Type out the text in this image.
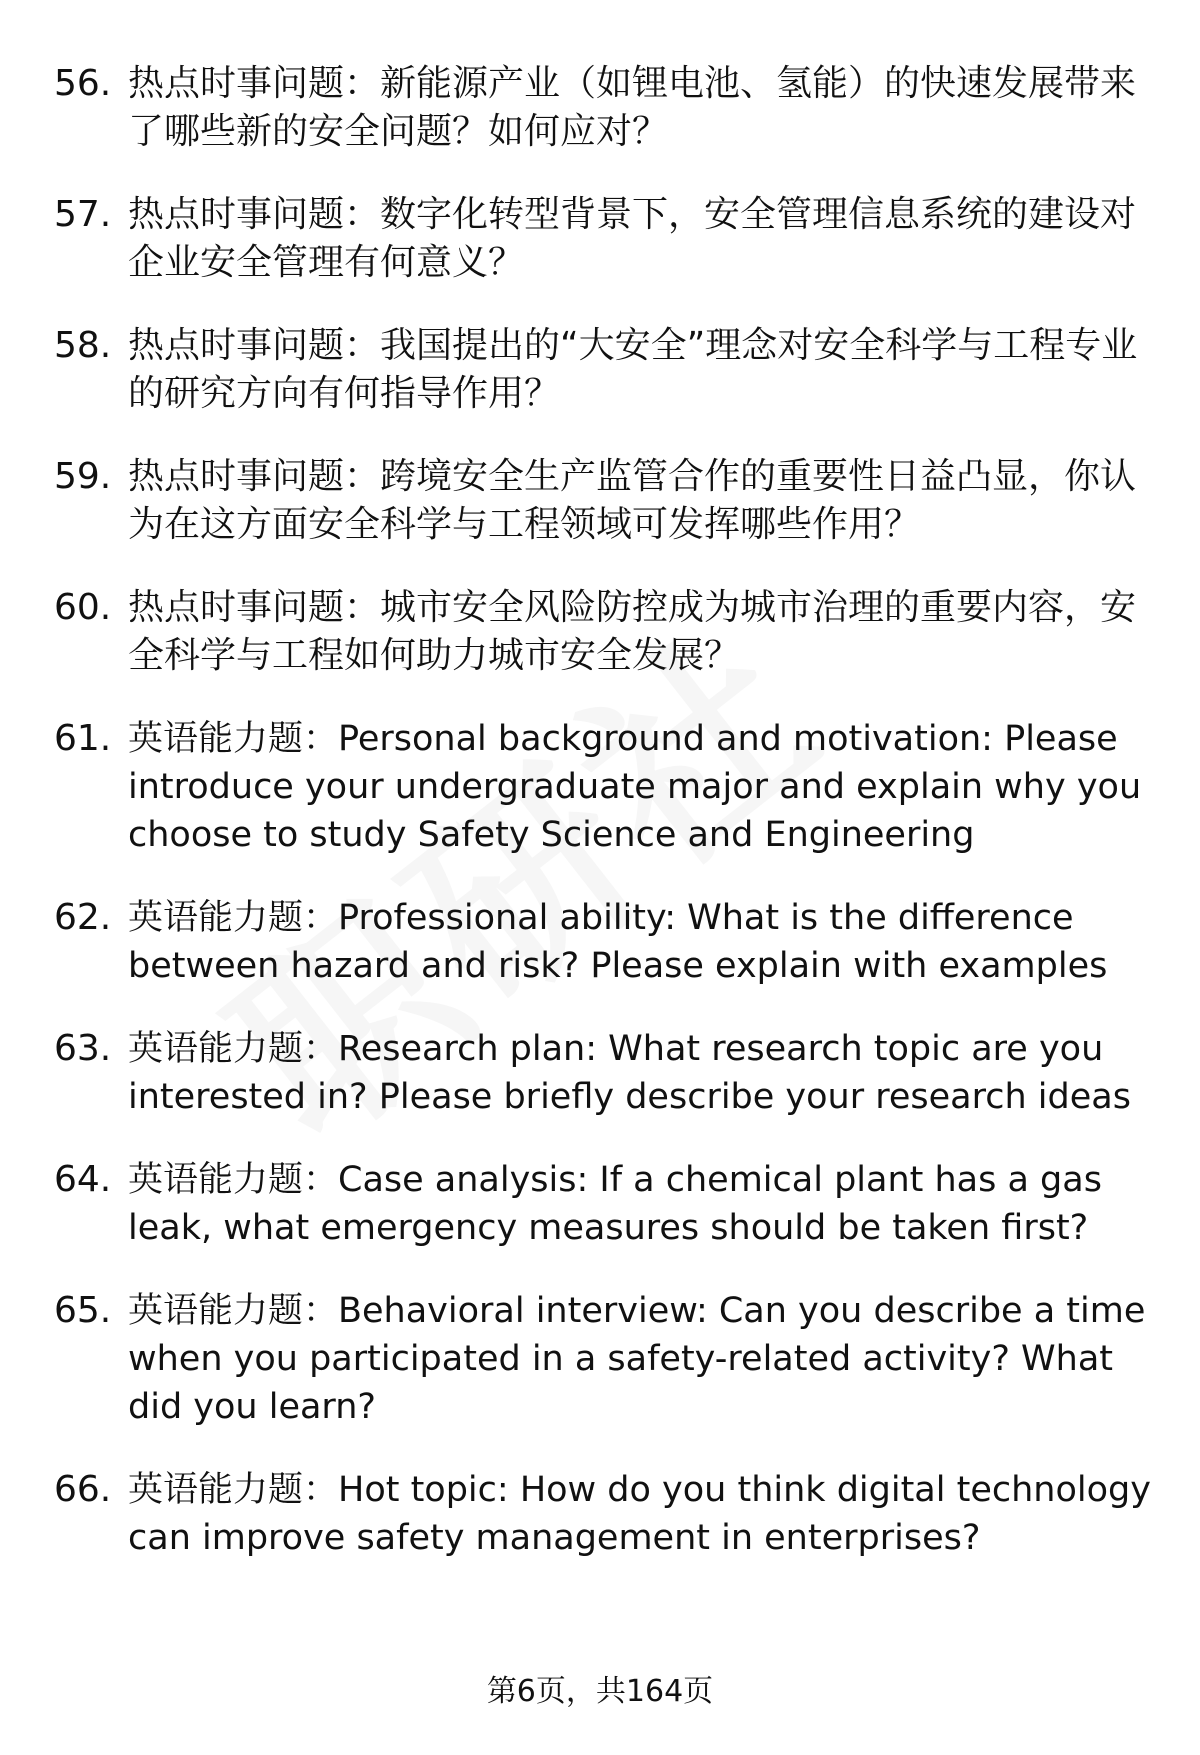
56. 热点时事问题：新能源产业（如锂电池、氢能）的快速发展带来了哪些新的安全问题？如何应对？
57. 热点时事问题：数字化转型背景下，安全管理信息系统的建设对企业安全管理有何意义？
58. 热点时事问题：我国提出的“大安全”理念对安全科学与工程专业的研究方向有何指导作用？
59. 热点时事问题：跨境安全生产监管合作的重要性日益凸显，你认为在这方面安全科学与工程领域可发挥哪些作用？
60. 热点时事问题：城市安全风险防控成为城市治理的重要内容，安全科学与工程如何助力城市安全发展？
61. 英语能力题：Personal background and motivation: Please introduce your undergraduate major and explain why you choose to study Safety Science and Engineering
62. 英语能力题：Professional ability: What is the difference between hazard and risk? Please explain with examples
63. 英语能力题：Research plan: What research topic are you interested in? Please briefly describe your research ideas
64. 英语能力题：Case analysis: If a chemical plant has a gas leak, what emergency measures should be taken first?
65. 英语能力题：Behavioral interview: Can you describe a time when you participated in a safety-related activity? What did you learn?
66. 英语能力题：Hot topic: How do you think digital technology can improve safety management in enterprises?
第6页，共164页
